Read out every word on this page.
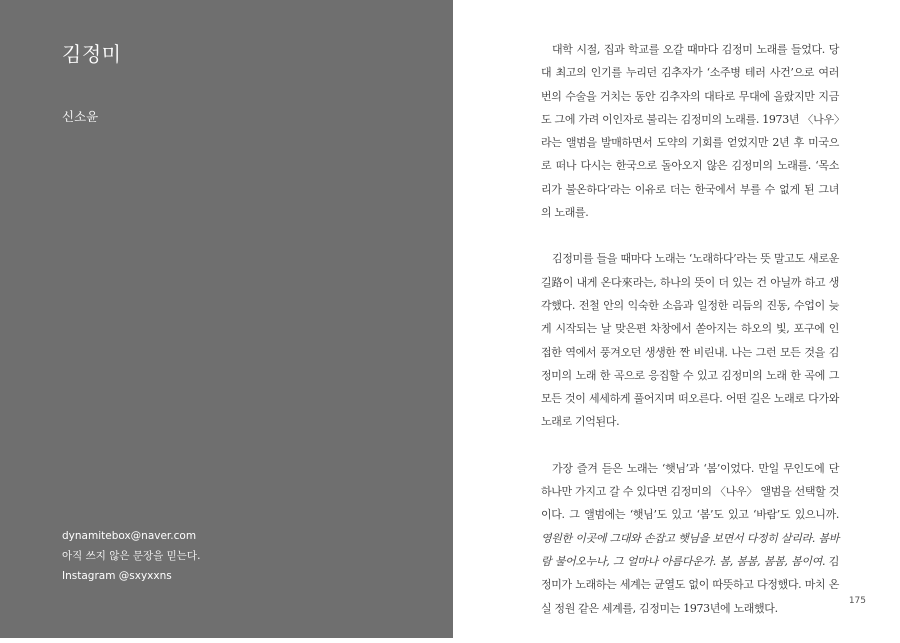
김정미
신소윤
dynamitebox@naver.com
아직 쓰지 않은 문장을 믿는다.
Instagram @sxyxxns

대학 시절, 집과 학교를 오갈 때마다 김정미 노래를 들었다. 당대 최고의 인기를 누리던 김추자가 ‘소주병 테러 사건’으로 여러 번의 수술을 거치는 동안 김추자의 대타로 무대에 올랐지만 지금도 그에 가려 이인자로 불리는 김정미의 노래를. 1973년 〈나우〉라는 앨범을 발매하면서 도약의 기회를 얻었지만 2년 후 미국으로 떠나 다시는 한국으로 돌아오지 않은 김정미의 노래를. ‘목소리가 불온하다’라는 이유로 더는 한국에서 부를 수 없게 된 그녀의 노래를.

김정미를 들을 때마다 노래는 ‘노래하다’라는 뜻 말고도 새로운 길路이 내게 온다來라는, 하나의 뜻이 더 있는 건 아닐까 하고 생각했다. 전철 안의 익숙한 소음과 일정한 리듬의 진동, 수업이 늦게 시작되는 날 맞은편 차창에서 쏟아지는 하오의 빛, 포구에 인접한 역에서 풍겨오던 생생한 짠 비린내. 나는 그런 모든 것을 김정미의 노래 한 곡으로 응집할 수 있고 김정미의 노래 한 곡에 그 모든 것이 세세하게 풀어지며 떠오른다. 어떤 길은 노래로 다가와 노래로 기억된다.

가장 즐겨 듣은 노래는 ‘햇님’과 ‘봄’이었다. 만일 무인도에 단 하나만 가지고 갈 수 있다면 김정미의 〈나우〉 앨범을 선택할 것이다. 그 앨범에는 ‘햇님’도 있고 ‘봄’도 있고 ‘바람’도 있으니까. 영원한 이곳에 그대와 손잡고 햇님을 보면서 다정히 살리라. 봄바람 불어오누나, 그 얼마나 아름다운가. 봄, 봄봄, 봄봄, 봄이여. 김정미가 노래하는 세계는 균열도 없이 따뜻하고 다정했다. 마치 온실 정원 같은 세계를, 김정미는 1973년에 노래했다.

175
